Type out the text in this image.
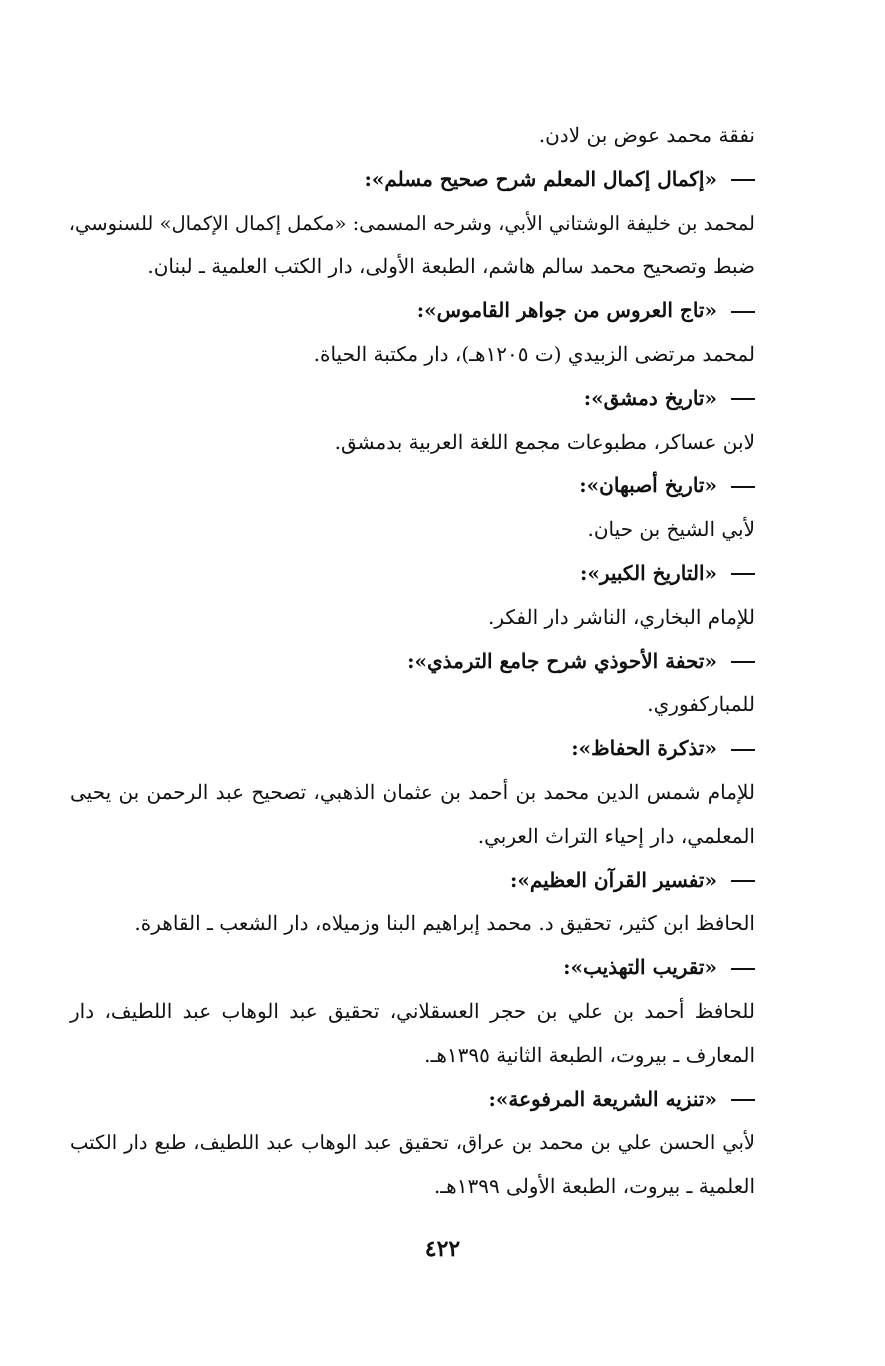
نفقة محمد عوض بن لادن.
«إكمال إكمال المعلم شرح صحيح مسلم»:
لمحمد بن خليفة الوشتاني الأبي، وشرحه المسمى: «مكمل إكمال الإكمال» للسنوسي،
ضبط وتصحيح محمد سالم هاشم، الطبعة الأولى، دار الكتب العلمية ـ لبنان.
«تاج العروس من جواهر القاموس»:
لمحمد مرتضى الزبيدي (ت ١٢٠٥هـ)، دار مكتبة الحياة.
«تاريخ دمشق»:
لابن عساكر، مطبوعات مجمع اللغة العربية بدمشق.
«تاريخ أصبهان»:
لأبي الشيخ بن حيان.
«التاريخ الكبير»:
للإمام البخاري، الناشر دار الفكر.
«تحفة الأحوذي شرح جامع الترمذي»:
للمباركفوري.
«تذكرة الحفاظ»:
للإمام شمس الدين محمد بن أحمد بن عثمان الذهبي، تصحيح عبد الرحمن بن يحيى
المعلمي، دار إحياء التراث العربي.
«تفسير القرآن العظيم»:
الحافظ ابن كثير، تحقيق د. محمد إبراهيم البنا وزميلاه، دار الشعب ـ القاهرة.
«تقريب التهذيب»:
للحافظ أحمد بن علي بن حجر العسقلاني، تحقيق عبد الوهاب عبد اللطيف، دار
المعارف ـ بيروت، الطبعة الثانية ١٣٩٥هـ.
«تنزيه الشريعة المرفوعة»:
لأبي الحسن علي بن محمد بن عراق، تحقيق عبد الوهاب عبد اللطيف، طبع دار الكتب
العلمية ـ بيروت، الطبعة الأولى ١٣٩٩هـ.
٤٢٢
